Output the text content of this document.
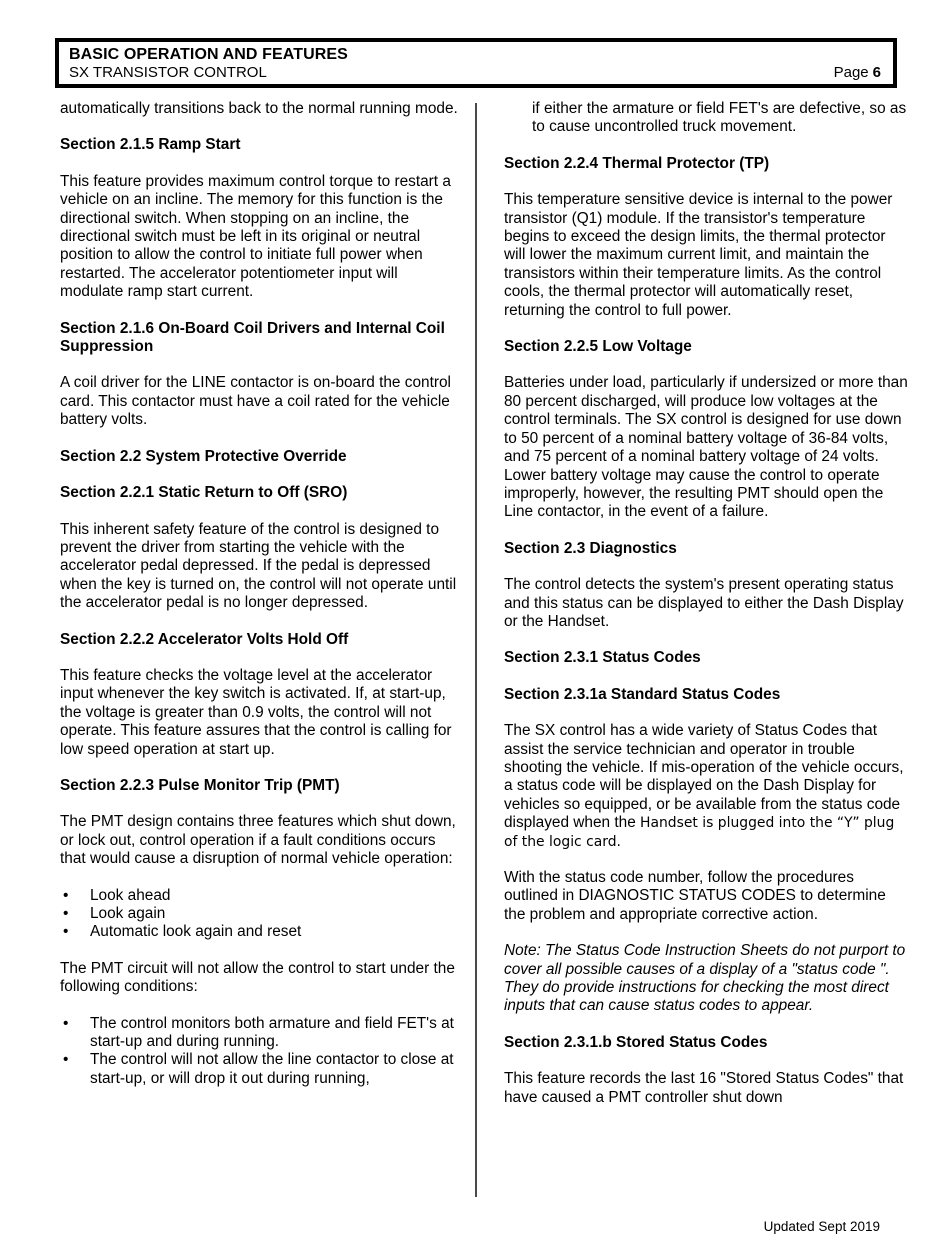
BASIC OPERATION AND FEATURES
SX TRANSISTOR CONTROL	Page 6

automatically transitions back to the normal running mode.

Section 2.1.5 Ramp Start

This feature provides maximum control torque to restart a vehicle on an incline. The memory for this function is the directional switch. When stopping on an incline, the directional switch must be left in its original or neutral position to allow the control to initiate full power when restarted. The accelerator potentiometer input will modulate ramp start current.

Section 2.1.6 On-Board Coil Drivers and Internal Coil Suppression

A coil driver for the LINE contactor is on-board the control card. This contactor must have a coil rated for the vehicle battery volts.

Section 2.2 System Protective Override
Section 2.2.1 Static Return to Off (SRO)

This inherent safety feature of the control is designed to prevent the driver from starting the vehicle with the accelerator pedal depressed. If the pedal is depressed when the key is turned on, the control will not operate until the accelerator pedal is no longer depressed.

Section 2.2.2 Accelerator Volts Hold Off

This feature checks the voltage level at the accelerator input whenever the key switch is activated. If, at start-up, the voltage is greater than 0.9 volts, the control will not operate. This feature assures that the control is calling for low speed operation at start up.

Section 2.2.3 Pulse Monitor Trip (PMT)

The PMT design contains three features which shut down, or lock out, control operation if a fault conditions occurs that would cause a disruption of normal vehicle operation:

• Look ahead
• Look again
• Automatic look again and reset

The PMT circuit will not allow the control to start under the following conditions:

• The control monitors both armature and field FET's at start-up and during running.
• The control will not allow the line contactor to close at start-up, or will drop it out during running,

if either the armature or field FET's are defective, so as to cause uncontrolled truck movement.

Section 2.2.4 Thermal Protector (TP)

This temperature sensitive device is internal to the power transistor (Q1) module. If the transistor's temperature begins to exceed the design limits, the thermal protector will lower the maximum current limit, and maintain the transistors within their temperature limits. As the control cools, the thermal protector will automatically reset, returning the control to full power.

Section 2.2.5 Low Voltage

Batteries under load, particularly if undersized or more than 80 percent discharged, will produce low voltages at the control terminals. The SX control is designed for use down to 50 percent of a nominal battery voltage of 36-84 volts, and 75 percent of a nominal battery voltage of 24 volts. Lower battery voltage may cause the control to operate improperly, however, the resulting PMT should open the Line contactor, in the event of a failure.

Section 2.3 Diagnostics

The control detects the system's present operating status and this status can be displayed to either the Dash Display or the Handset.

Section 2.3.1 Status Codes
Section 2.3.1a Standard Status Codes

The SX control has a wide variety of Status Codes that assist the service technician and operator in trouble shooting the vehicle. If mis-operation of the vehicle occurs, a status code will be displayed on the Dash Display for vehicles so equipped, or be available from the status code displayed when the Handset is plugged into the “Y” plug of the logic card.

With the status code number, follow the procedures outlined in DIAGNOSTIC STATUS CODES to determine the problem and appropriate corrective action.

Note: The Status Code Instruction Sheets do not purport to cover all possible causes of a display of a "status code ". They do provide instructions for checking the most direct inputs that can cause status codes to appear.

Section 2.3.1.b Stored Status Codes

This feature records the last 16 "Stored Status Codes" that have caused a PMT controller shut down

Updated Sept 2019
